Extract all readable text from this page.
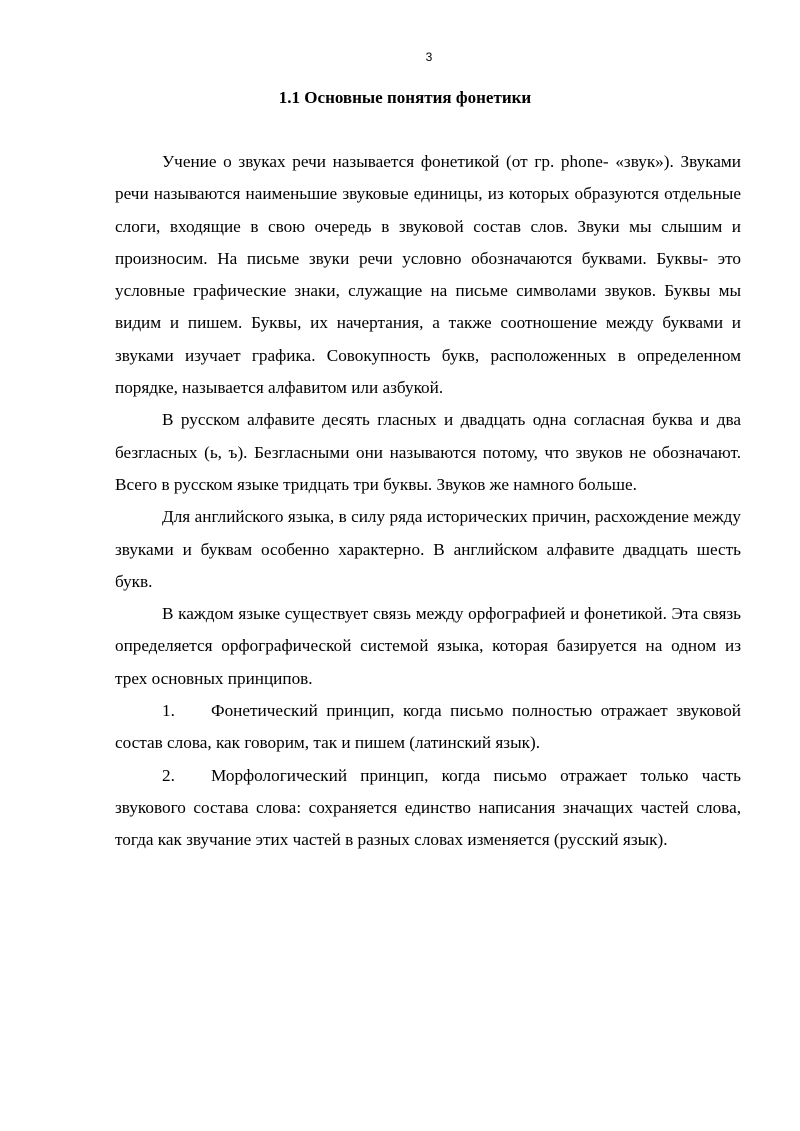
3
1.1 Основные понятия фонетики

Учение о звуках речи называется фонетикой (от гр. phone- «звук»). Звуками речи называются наименьшие звуковые единицы, из которых образуются отдельные слоги, входящие в свою очередь в звуковой состав слов. Звуки мы слышим и произносим. На письме звуки речи условно обозначаются буквами. Буквы- это условные графические знаки, служащие на письме символами звуков. Буквы мы видим и пишем. Буквы, их начертания, а также соотношение между буквами и звуками изучает графика. Совокупность букв, расположенных в определенном порядке, называется алфавитом или азбукой.

В русском алфавите десять гласных и двадцать одна согласная буква и два безгласных (ь, ъ). Безгласными они называются потому, что звуков не обозначают. Всего в русском языке тридцать три буквы. Звуков же намного больше.

Для английского языка, в силу ряда исторических причин, расхождение между звуками и буквам особенно характерно. В английском алфавите двадцать шесть букв.

В каждом языке существует связь между орфографией и фонетикой. Эта связь определяется орфографической системой языка, которая базируется на одном из трех основных принципов.

1. Фонетический принцип, когда письмо полностью отражает звуковой состав слова, как говорим, так и пишем (латинский язык).

2. Морфологический принцип, когда письмо отражает только часть звукового состава слова: сохраняется единство написания значащих частей слова, тогда как звучание этих частей в разных словах изменяется (русский язык).
